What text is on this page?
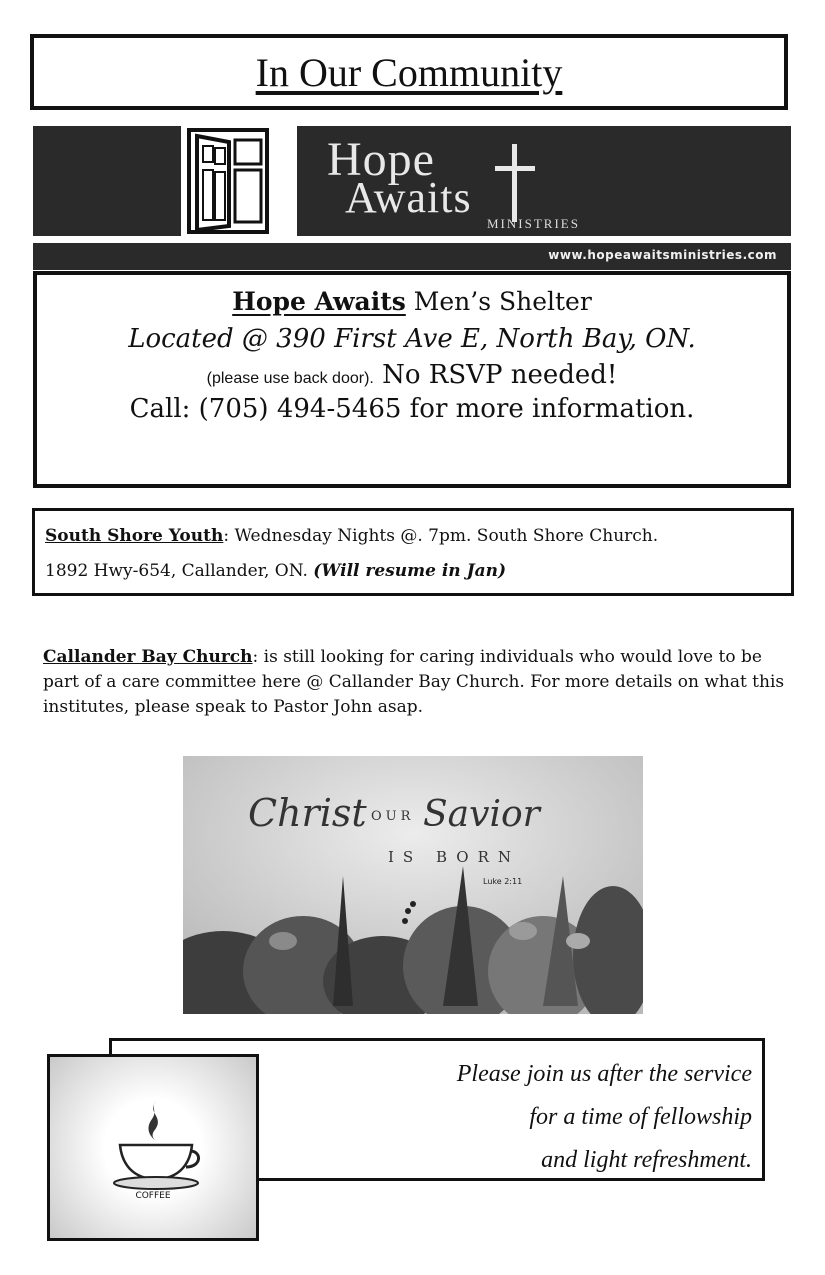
In Our Community
Hope
Awaits
MINISTRIES
www.hopeawaitsministries.com
Hope Awaits Men’s Shelter
Located @ 390 First Ave E, North Bay, ON.
(please use back door). No RSVP needed!
Call: (705) 494-5465 for more information.
South Shore Youth: Wednesday Nights @. 7pm. South Shore Church.
1892 Hwy-654, Callander, ON. (Will resume in Jan)
Callander Bay Church: is still looking for caring individuals who would love to be part of a care committee here @ Callander Bay Church. For more details on what this institutes, please speak to Pastor John asap.
Christ OUR Savior
IS BORN
Luke 2:11
Please join us after the service
for a time of fellowship
and light refreshment.
COFFEE
